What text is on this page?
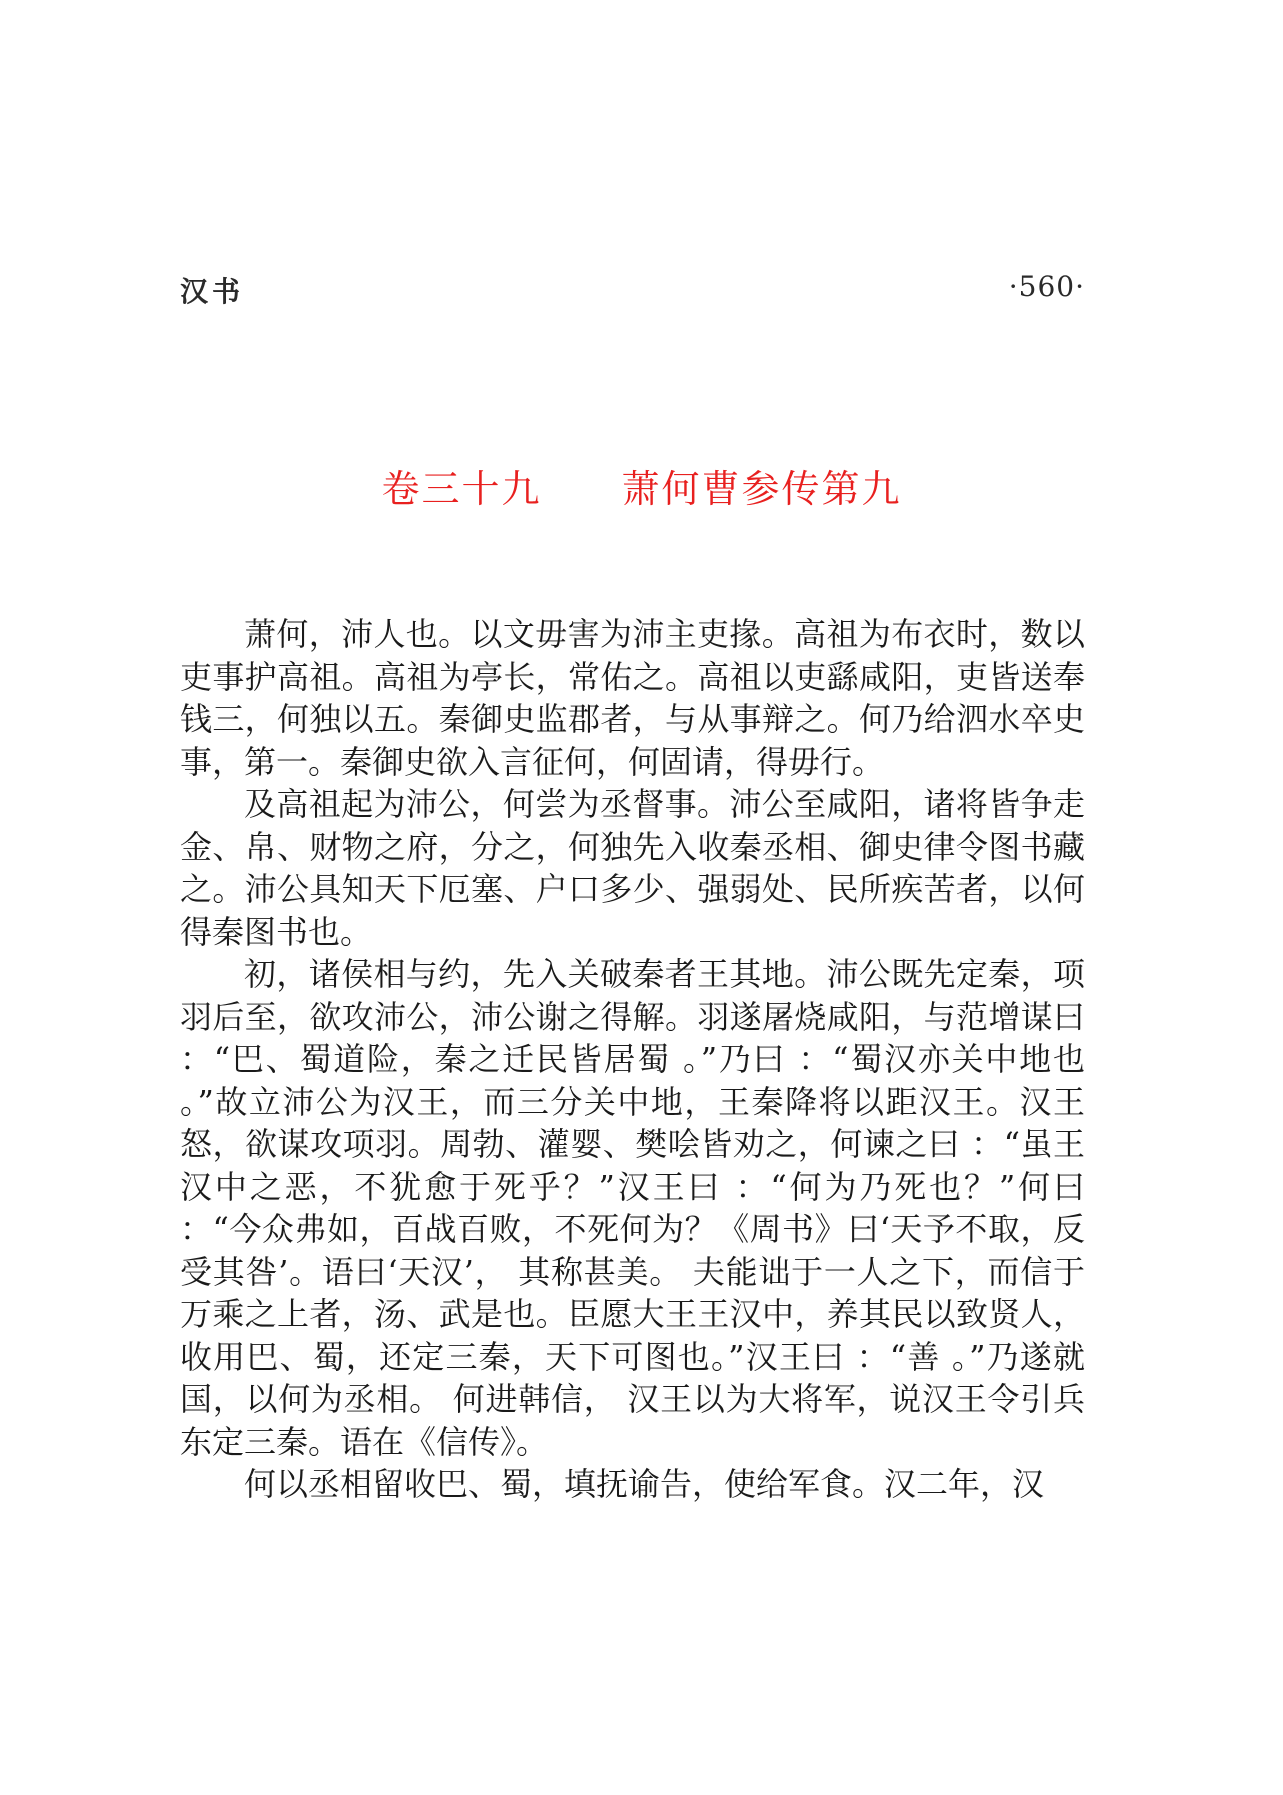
汉书	·560·
卷三十九 萧何曹参传第九

萧何，沛人也。以文毋害为沛主吏掾。高祖为布衣时，数以吏事护高祖。高祖为亭长，常佑之。高祖以吏繇咸阳，吏皆送奉钱三，何独以五。秦御史监郡者，与从事辩之。何乃给泗水卒史事，第一。秦御史欲入言征何，何固请，得毋行。

及高祖起为沛公，何尝为丞督事。沛公至咸阳，诸将皆争走金、帛、财物之府，分之，何独先入收秦丞相、御史律令图书藏之。沛公具知天下厄塞、户口多少、强弱处、民所疾苦者，以何得秦图书也。

初，诸侯相与约，先入关破秦者王其地。沛公既先定秦，项羽后至，欲攻沛公，沛公谢之得解。羽遂屠烧咸阳，与范增谋曰 ：“巴、蜀道险，秦之迁民皆居蜀 。”乃曰 ：“蜀汉亦关中地也 。”故立沛公为汉王，而三分关中地，王秦降将以距汉王。汉王怒，欲谋攻项羽。周勃、灌婴、樊哙皆劝之，何谏之曰 ：“虽王汉中之恶，不犹愈于死乎？”汉王曰 ：“何为乃死也？”何曰 ：“今众弗如，百战百败，不死何为？《周书》曰‘天予不取，反受其咎’。语曰‘天汉’， 其称甚美。 夫能诎于一人之下，而信于万乘之上者，汤、武是也。臣愿大王王汉中，养其民以致贤人，收用巴、蜀，还定三秦，天下可图也。”汉王曰 ：“善 。”乃遂就国，以何为丞相。 何进韩信， 汉王以为大将军，说汉王令引兵东定三秦。语在《信传》。

何以丞相留收巴、蜀，填抚谕告，使给军食。汉二年，汉
